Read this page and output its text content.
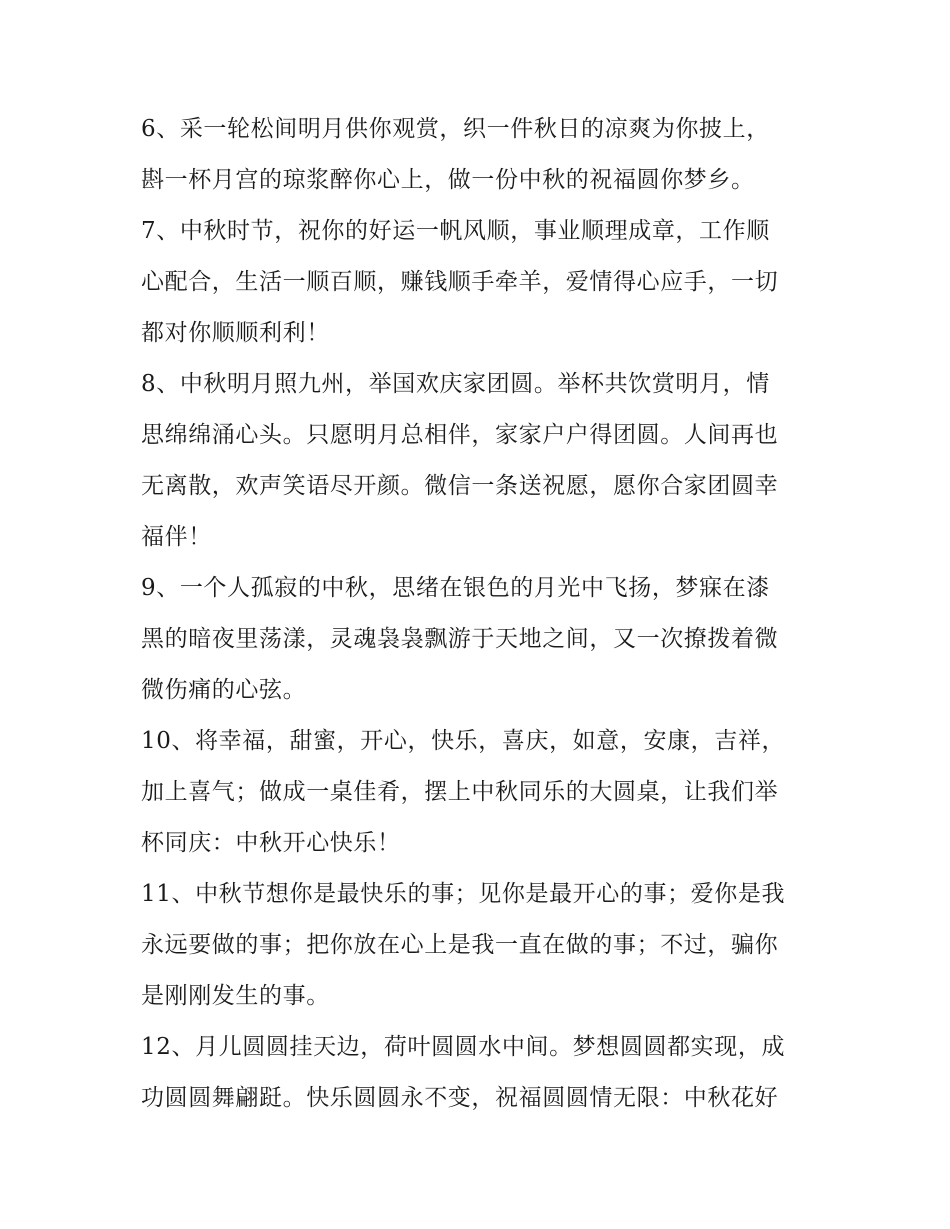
6、采一轮松间明月供你观赏，织一件秋日的凉爽为你披上，
斟一杯月宫的琼浆醉你心上，做一份中秋的祝福圆你梦乡。
7、中秋时节，祝你的好运一帆风顺，事业顺理成章，工作顺
心配合，生活一顺百顺，赚钱顺手牵羊，爱情得心应手，一切
都对你顺顺利利！
8、中秋明月照九州，举国欢庆家团圆。举杯共饮赏明月，情
思绵绵涌心头。只愿明月总相伴，家家户户得团圆。人间再也
无离散，欢声笑语尽开颜。微信一条送祝愿，愿你合家团圆幸
福伴！
9、一个人孤寂的中秋，思绪在银色的月光中飞扬，梦寐在漆
黑的暗夜里荡漾，灵魂袅袅飘游于天地之间，又一次撩拨着微
微伤痛的心弦。
10、将幸福，甜蜜，开心，快乐，喜庆，如意，安康，吉祥，
加上喜气；做成一桌佳肴，摆上中秋同乐的大圆桌，让我们举
杯同庆：中秋开心快乐！
11、中秋节想你是最快乐的事；见你是最开心的事；爱你是我
永远要做的事；把你放在心上是我一直在做的事；不过，骗你
是刚刚发生的事。
12、月儿圆圆挂天边，荷叶圆圆水中间。梦想圆圆都实现，成
功圆圆舞翩跹。快乐圆圆永不变，祝福圆圆情无限：中秋花好
